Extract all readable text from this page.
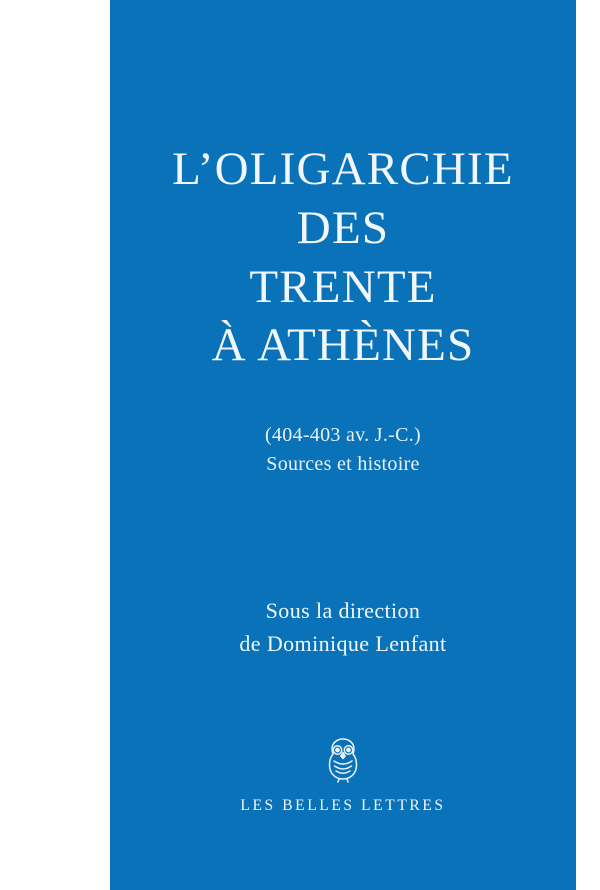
L’OLIGARCHIE
DES
TRENTE
À ATHÈNES
(404-403 av. J.-C.)
Sources et histoire
Sous la direction
de Dominique Lenfant
LES BELLES LETTRES
